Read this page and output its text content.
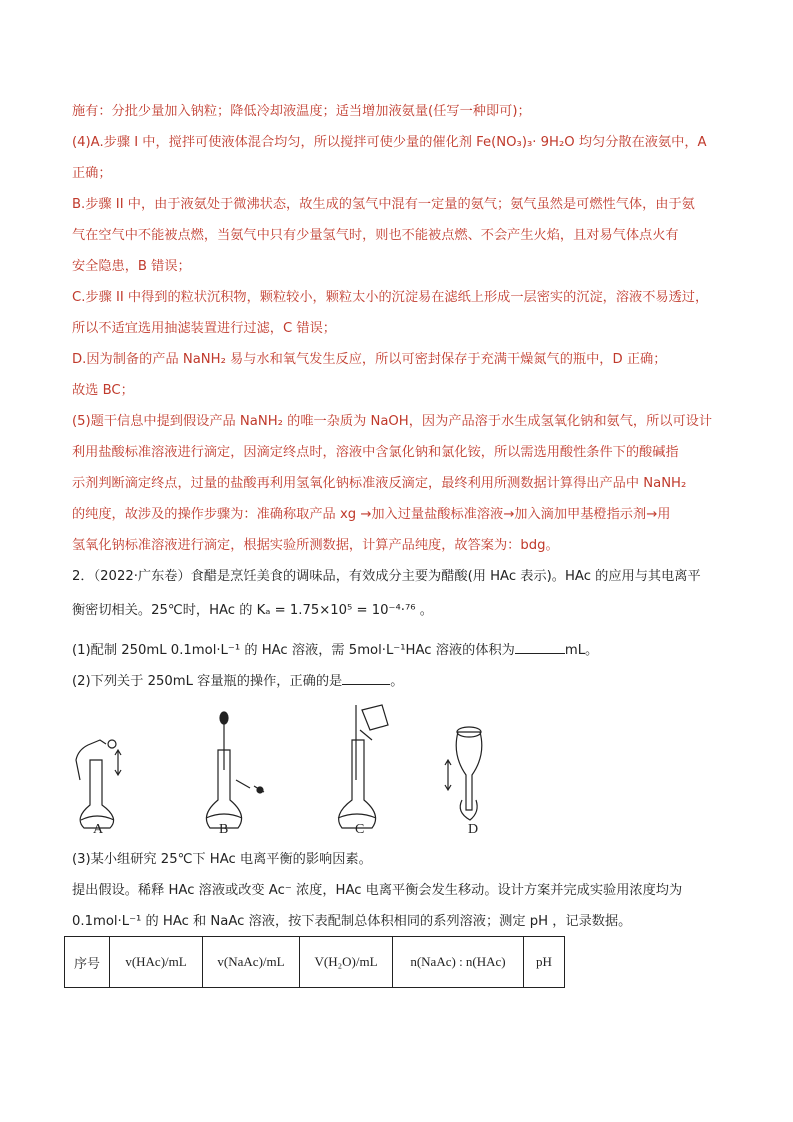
施有：分批少量加入钠粒；降低冷却液温度；适当增加液氨量(任写一种即可)；
(4)A.步骤 I 中，搅拌可使液体混合均匀，所以搅拌可使少量的催化剂 Fe(NO₃)₃· 9H₂O 均匀分散在液氨中，A
正确；
B.步骤 II 中，由于液氨处于微沸状态，故生成的氢气中混有一定量的氨气；氨气虽然是可燃性气体，由于氨
气在空气中不能被点燃，当氨气中只有少量氢气时，则也不能被点燃、不会产生火焰，且对易气体点火有
安全隐患，B 错误；
C.步骤 II 中得到的粒状沉积物，颗粒较小，颗粒太小的沉淀易在滤纸上形成一层密实的沉淀，溶液不易透过，
所以不适宜选用抽滤装置进行过滤，C 错误；
D.因为制备的产品 NaNH₂ 易与水和氧气发生反应，所以可密封保存于充满干燥氮气的瓶中，D 正确；
故选 BC；
(5)题干信息中提到假设产品 NaNH₂ 的唯一杂质为 NaOH，因为产品溶于水生成氢氧化钠和氨气，所以可设计
利用盐酸标准溶液进行滴定，因滴定终点时，溶液中含氯化钠和氯化铵，所以需选用酸性条件下的酸碱指
示剂判断滴定终点，过量的盐酸再利用氢氧化钠标准液反滴定，最终利用所测数据计算得出产品中 NaNH₂
的纯度，故涉及的操作步骤为：准确称取产品 xg →加入过量盐酸标准溶液→加入滴加甲基橙指示剂→用
氢氧化钠标准溶液进行滴定，根据实验所测数据，计算产品纯度，故答案为：bdg。
2．（2022·广东卷）食醋是烹饪美食的调味品，有效成分主要为醋酸(用 HAc 表示)。HAc 的应用与其电离平
衡密切相关。25℃时，HAc 的 Kₐ = 1.75×10⁵ = 10⁻⁴·⁷⁶ 。
(1)配制 250mL 0.1mol·L⁻¹ 的 HAc 溶液，需 5mol·L⁻¹HAc 溶液的体积为	mL。
(2)下列关于 250mL 容量瓶的操作，正确的是	。
A	B	C	D
(3)某小组研究 25℃下 HAc 电离平衡的影响因素。
提出假设。稀释 HAc 溶液或改变 Ac⁻ 浓度，HAc 电离平衡会发生移动。设计方案并完成实验用浓度均为
0.1mol·L⁻¹ 的 HAc 和 NaAc 溶液，按下表配制总体积相同的系列溶液；测定 pH ，记录数据。
序号	v(HAc)/mL	v(NaAc)/mL	V(H₂O)/mL	n(NaAc) : n(HAc)	pH
